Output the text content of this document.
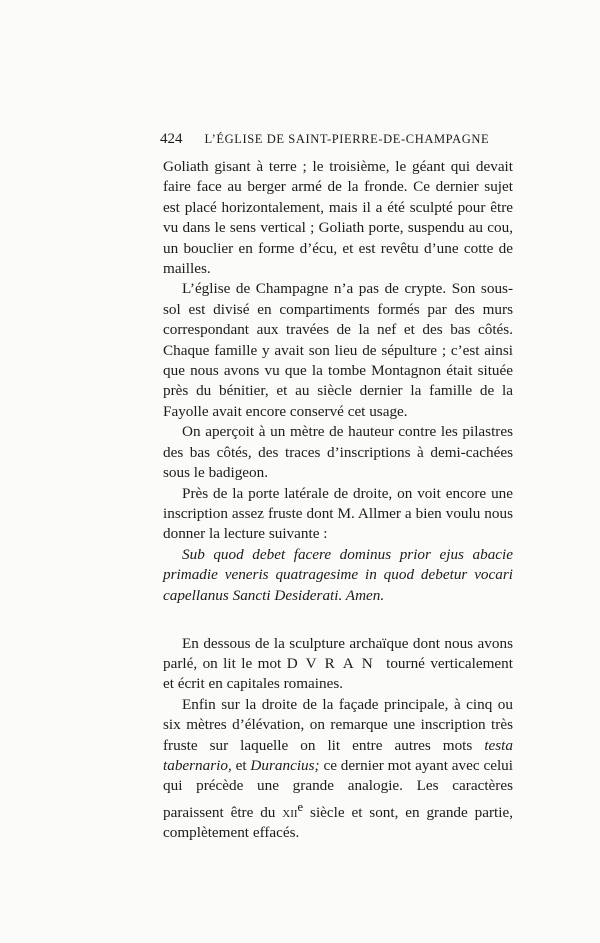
424 L’ÉGLISE DE SAINT-PIERRE-DE-CHAMPAGNE

Goliath gisant à terre ; le troisième, le géant qui devait faire face au berger armé de la fronde. Ce dernier sujet est placé horizontalement, mais il a été sculpté pour être vu dans le sens vertical ; Goliath porte, suspendu au cou, un bouclier en forme d’écu, et est revêtu d’une cotte de mailles.

L’église de Champagne n’a pas de crypte. Son sous-sol est divisé en compartiments formés par des murs correspondant aux travées de la nef et des bas côtés. Chaque famille y avait son lieu de sépulture ; c’est ainsi que nous avons vu que la tombe Montagnon était située près du bénitier, et au siècle dernier la famille de la Fayolle avait encore conservé cet usage.

On aperçoit à un mètre de hauteur contre les pilastres des bas côtés, des traces d’inscriptions à demi-cachées sous le badigeon.

Près de la porte latérale de droite, on voit encore une inscription assez fruste dont M. Allmer a bien voulu nous donner la lecture suivante :

Sub quod debet facere dominus prior ejus abacie primadie veneris quatragesime in quod debetur vocari capellanus Sancti Desiderati. Amen.

En dessous de la sculpture archaïque dont nous avons parlé, on lit le mot DVRAN tourné verticalement et écrit en capitales romaines.

Enfin sur la droite de la façade principale, à cinq ou six mètres d’élévation, on remarque une inscription très fruste sur laquelle on lit entre autres mots testa tabernario, et Durancius; ce dernier mot ayant avec celui qui précède une grande analogie. Les caractères paraissent être du xii$^e$ siècle et sont, en grande partie, complètement effacés.
